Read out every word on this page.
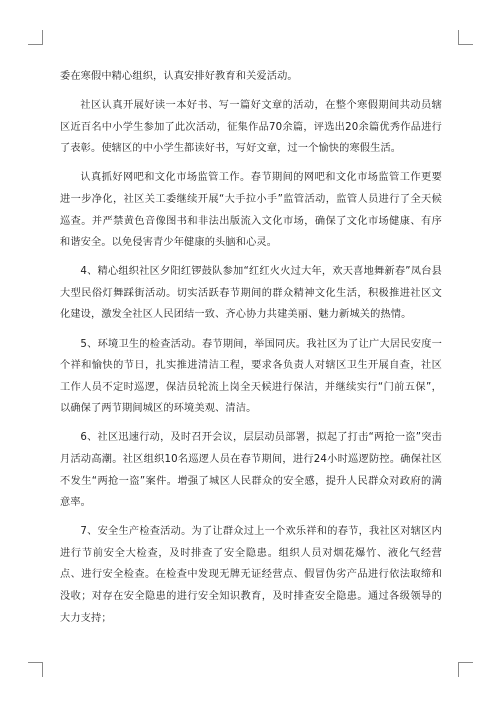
委在寒假中精心组织，认真安排好教育和关爱活动。

社区认真开展好读一本好书、写一篇好文章的活动，在整个寒假期间共动员辖区近百名中小学生参加了此次活动，征集作品70余篇，评选出20余篇优秀作品进行了表彰。使辖区的中小学生都读好书，写好文章，过一个愉快的寒假生活。

认真抓好网吧和文化市场监管工作。春节期间的网吧和文化市场监管工作更要进一步净化，社区关工委继续开展“大手拉小手”监管活动，监管人员进行了全天候巡查。并严禁黄色音像图书和非法出版流入文化市场，确保了文化市场健康、有序和谐安全。以免侵害青少年健康的头脑和心灵。

4、精心组织社区夕阳红锣鼓队参加“红红火火过大年，欢天喜地舞新春”凤台县大型民俗灯舞踩街活动。切实活跃春节期间的群众精神文化生活，积极推进社区文化建设，激发全社区人民团结一致、齐心协力共建美丽、魅力新城关的热情。

5、环境卫生的检查活动。春节期间，举国同庆。我社区为了让广大居民安度一个祥和愉快的节日，扎实推进清洁工程，要求各负责人对辖区卫生开展自查，社区工作人员不定时巡逻，保洁员轮流上岗全天候进行保洁，并继续实行“门前五保”，以确保了两节期间城区的环境美观、清洁。

6、社区迅速行动，及时召开会议，层层动员部署，拟起了打击“两抢一盗”突击月活动高潮。社区组织10名巡逻人员在春节期间，进行24小时巡逻防控。确保社区不发生“两抢一盗”案件。增强了城区人民群众的安全感，提升人民群众对政府的满意率。

7、安全生产检查活动。为了让群众过上一个欢乐祥和的春节，我社区对辖区内进行节前安全大检查，及时排查了安全隐患。组织人员对烟花爆竹、液化气经营点、进行安全检查。在检查中发现无牌无证经营点、假冒伪劣产品进行依法取缔和没收；对存在安全隐患的进行安全知识教育，及时排查安全隐患。通过各级领导的大力支持；
